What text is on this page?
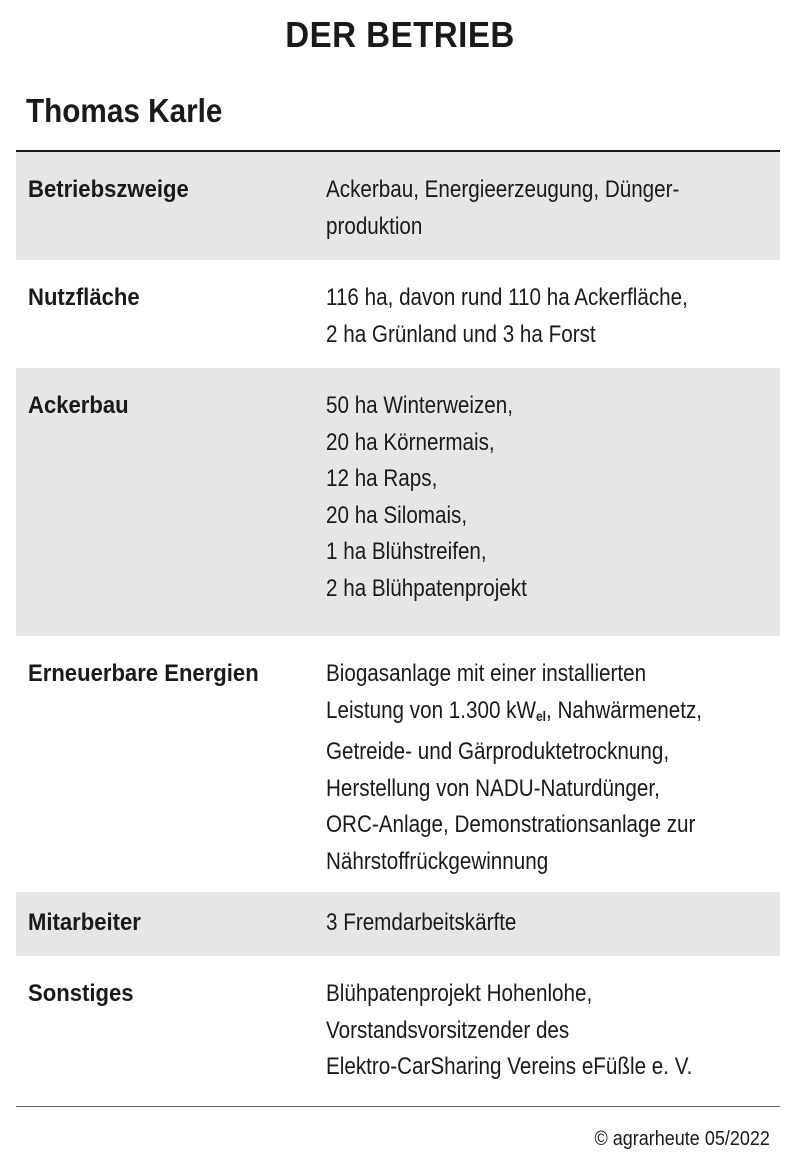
DER BETRIEB
Thomas Karle
Betriebszweige	Ackerbau, Energieerzeugung, Dünger-
produktion
Nutzfläche	116 ha, davon rund 110 ha Ackerfläche,
2 ha Grünland und 3 ha Forst
Ackerbau	50 ha Winterweizen,
20 ha Körnermais,
12 ha Raps,
20 ha Silomais,
1 ha Blühstreifen,
2 ha Blühpatenprojekt
Erneuerbare Energien	Biogasanlage mit einer installierten
Leistung von 1.300 $kW_{el}$, Nahwärmenetz,
Getreide- und Gärproduktetrocknung,
Herstellung von NADU-Naturdünger,
ORC-Anlage, Demonstrationsanlage zur
Nährstoffrückgewinnung
Mitarbeiter	3 Fremdarbeitskärfte
Sonstiges	Blühpatenprojekt Hohenlohe,
Vorstandsvorsitzender des
Elektro-CarSharing Vereins eFüßle e. V.
© agrarheute 05/2022
